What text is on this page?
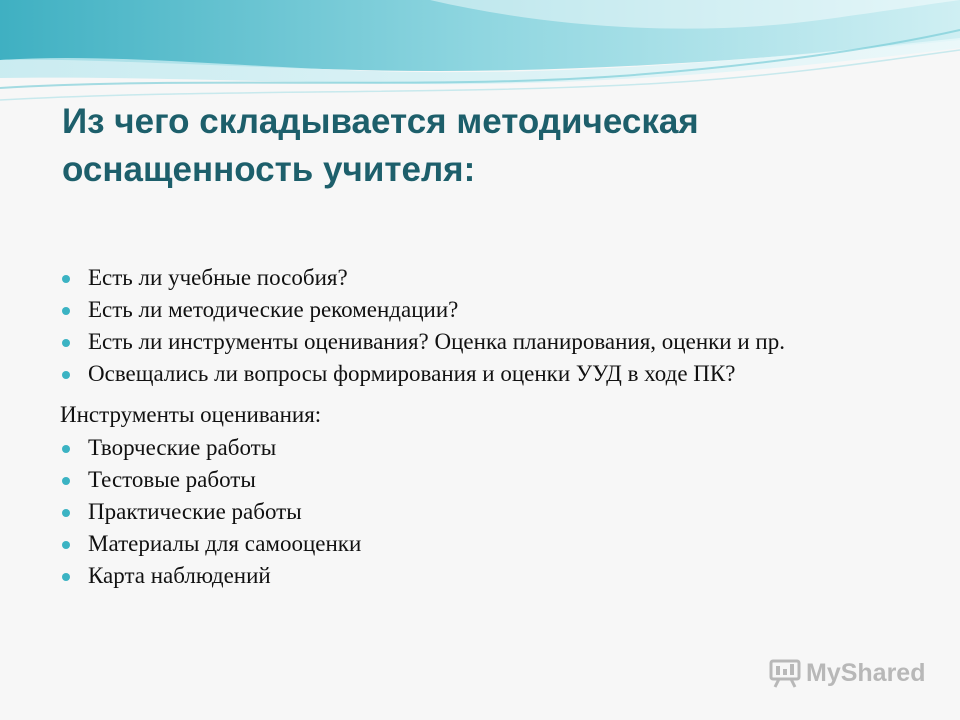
Из чего складывается методическая
оснащенность учителя:
Есть ли учебные пособия?
Есть ли методические рекомендации?
Есть ли инструменты оценивания? Оценка планирования, оценки и пр.
Освещались ли вопросы формирования и оценки УУД в ходе ПК?
Инструменты оценивания:
Творческие работы
Тестовые работы
Практические работы
Материалы для самооценки
Карта наблюдений
MyShared
